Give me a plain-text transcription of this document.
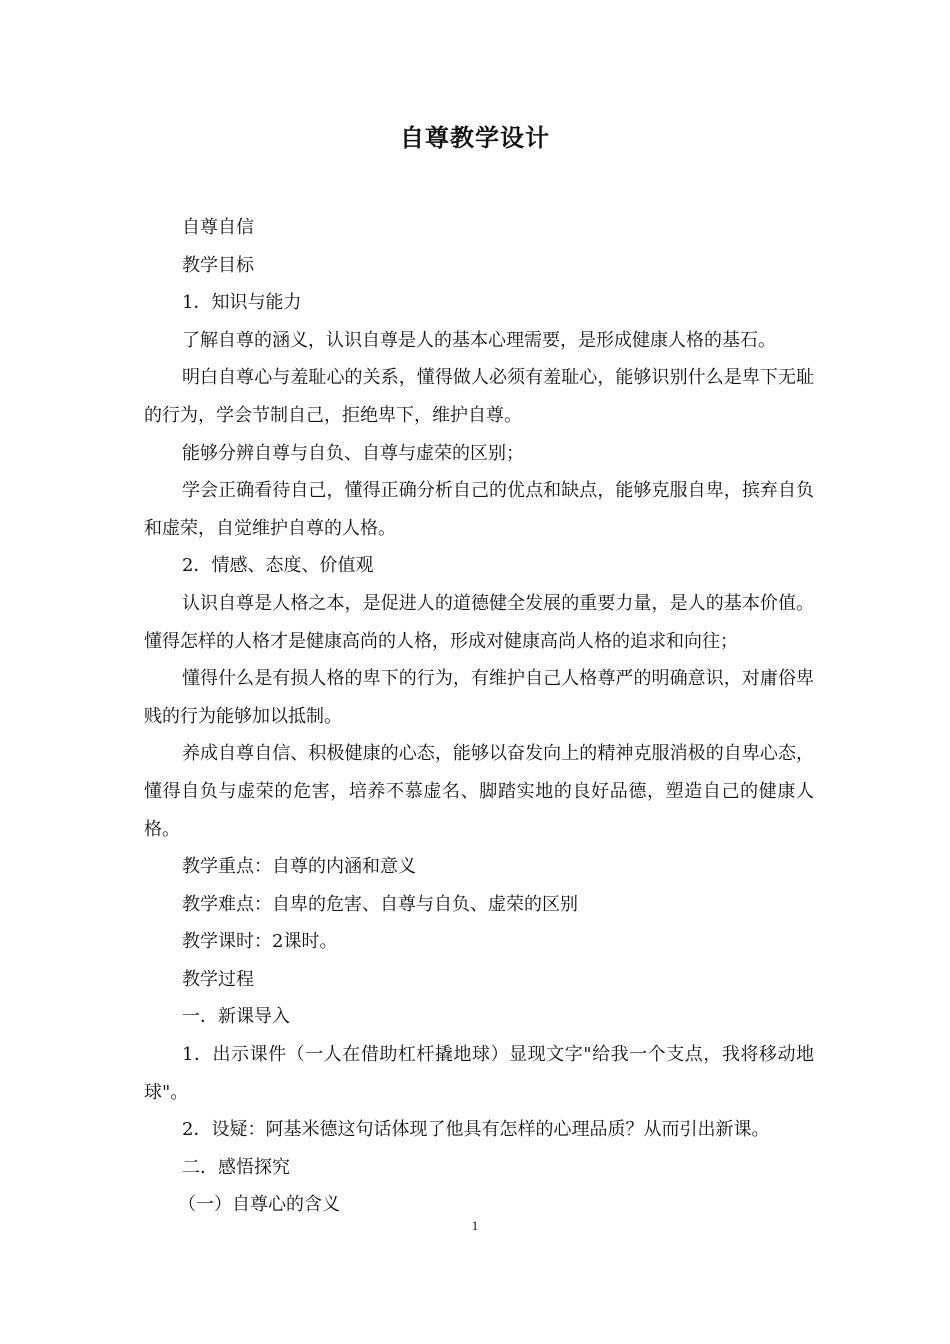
自尊教学设计

自尊自信

教学目标

1．知识与能力

了解自尊的涵义，认识自尊是人的基本心理需要，是形成健康人格的基石。

明白自尊心与羞耻心的关系，懂得做人必须有羞耻心，能够识别什么是卑下无耻的行为，学会节制自己，拒绝卑下，维护自尊。

能够分辨自尊与自负、自尊与虚荣的区别；

学会正确看待自己，懂得正确分析自己的优点和缺点，能够克服自卑，摈弃自负和虚荣，自觉维护自尊的人格。

2．情感、态度、价值观

认识自尊是人格之本，是促进人的道德健全发展的重要力量，是人的基本价值。懂得怎样的人格才是健康高尚的人格，形成对健康高尚人格的追求和向往；

懂得什么是有损人格的卑下的行为，有维护自己人格尊严的明确意识，对庸俗卑贱的行为能够加以抵制。

养成自尊自信、积极健康的心态，能够以奋发向上的精神克服消极的自卑心态，懂得自负与虚荣的危害，培养不慕虚名、脚踏实地的良好品德，塑造自己的健康人格。

教学重点：自尊的内涵和意义

教学难点：自卑的危害、自尊与自负、虚荣的区别

教学课时：2课时。

教学过程

一．新课导入

1．出示课件（一人在借助杠杆撬地球）显现文字"给我一个支点，我将移动地球"。

2．设疑：阿基米德这句话体现了他具有怎样的心理品质？从而引出新课。

二．感悟探究

（一）自尊心的含义

1
